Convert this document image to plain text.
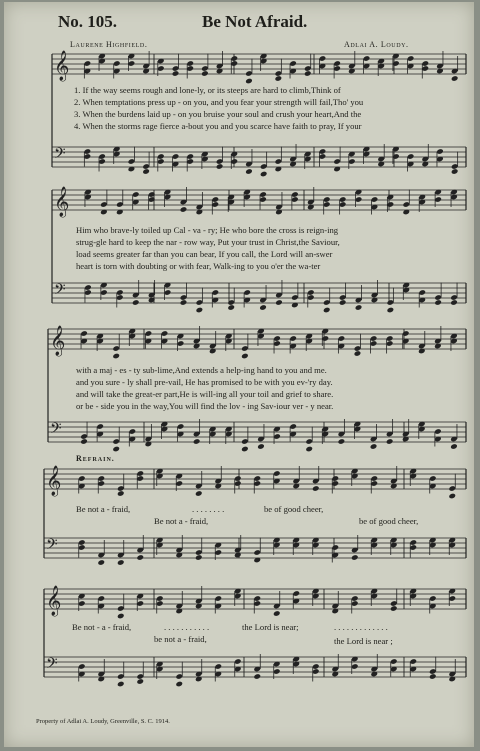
No. 105.	Be Not Afraid.
Laurene Highfield.	Adlai A. Loudy.
𝄞
𝄢
𝄞
𝄢
𝄞
𝄢
𝄞
𝄢
𝄞
𝄢
1. If the way seems rough and lone-ly, or its steeps are hard to climb,Think of
2. When temptations press up - on you, and you fear your strength will fail,Tho' you
3. When the burdens laid up - on you bruise your soul and crush your heart,And the
4. When the storms rage fierce a-bout you and you scarce have faith to pray, If your
Him who brave-ly toiled up Cal - va - ry; He who bore the cross is reign-ing
strug-gle hard to keep the nar - row way, Put your trust in Christ,the Saviour,
load seems greater far than you can bear, If you call, the Lord will an-swer
heart is torn with doubting or with fear, Walk-ing to you o'er the wa-ter
with a maj - es - ty sub-lime,And extends a help-ing hand to you and me.
and you sure - ly shall pre-vail, He has promised to be with you ev-'ry day.
and will take the great-er part,He is will-ing all your toil and grief to share.
or be - side you in the way,You will find the lov - ing Sav-iour ver - y near.
Refrain.
Be not a - fraid,	. . . . . . . .	be of good cheer,
Be not a - fraid,	be of good cheer,
Be not - a - fraid,	. . . . . . . . . . .	the Lord is near;	. . . . . . . . . . . . .
be not a - fraid,	the Lord is near ;
Property of Adlai A. Loudy, Greenville, S. C. 1914.
